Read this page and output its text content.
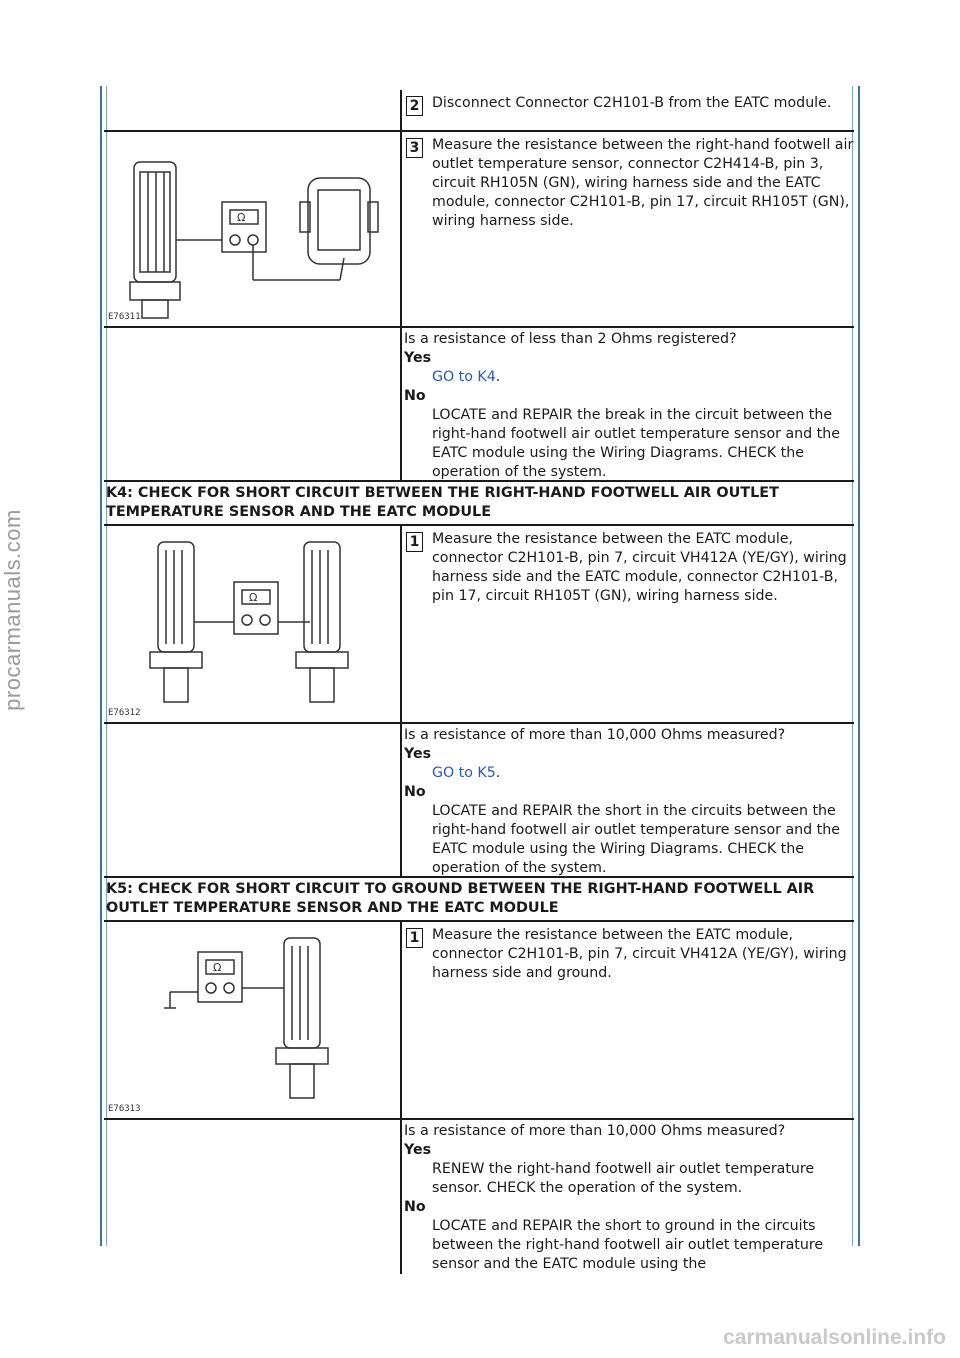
procarmanuals.com
carmanualsonline.info
2 Disconnect Connector C2H101-B from the EATC module.
Ω
E76311
3 Measure the resistance between the right-hand footwell air outlet temperature sensor, connector C2H414-B, pin 3, circuit RH105N (GN), wiring harness side and the EATC module, connector C2H101-B, pin 17, circuit RH105T (GN), wiring harness side.
Is a resistance of less than 2 Ohms registered?
Yes
GO to K4.
No
LOCATE and REPAIR the break in the circuit between the right-hand footwell air outlet temperature sensor and the EATC module using the Wiring Diagrams. CHECK the operation of the system.
K4: CHECK FOR SHORT CIRCUIT BETWEEN THE RIGHT-HAND FOOTWELL AIR OUTLET TEMPERATURE SENSOR AND THE EATC MODULE
Ω
E76312
1 Measure the resistance between the EATC module, connector C2H101-B, pin 7, circuit VH412A (YE/GY), wiring harness side and the EATC module, connector C2H101-B, pin 17, circuit RH105T (GN), wiring harness side.
Is a resistance of more than 10,000 Ohms measured?
Yes
GO to K5.
No
LOCATE and REPAIR the short in the circuits between the right-hand footwell air outlet temperature sensor and the EATC module using the Wiring Diagrams. CHECK the operation of the system.
K5: CHECK FOR SHORT CIRCUIT TO GROUND BETWEEN THE RIGHT-HAND FOOTWELL AIR OUTLET TEMPERATURE SENSOR AND THE EATC MODULE
Ω
E76313
1 Measure the resistance between the EATC module, connector C2H101-B, pin 7, circuit VH412A (YE/GY), wiring harness side and ground.
Is a resistance of more than 10,000 Ohms measured?
Yes
RENEW the right-hand footwell air outlet temperature sensor. CHECK the operation of the system.
No
LOCATE and REPAIR the short to ground in the circuits between the right-hand footwell air outlet temperature sensor and the EATC module using the
